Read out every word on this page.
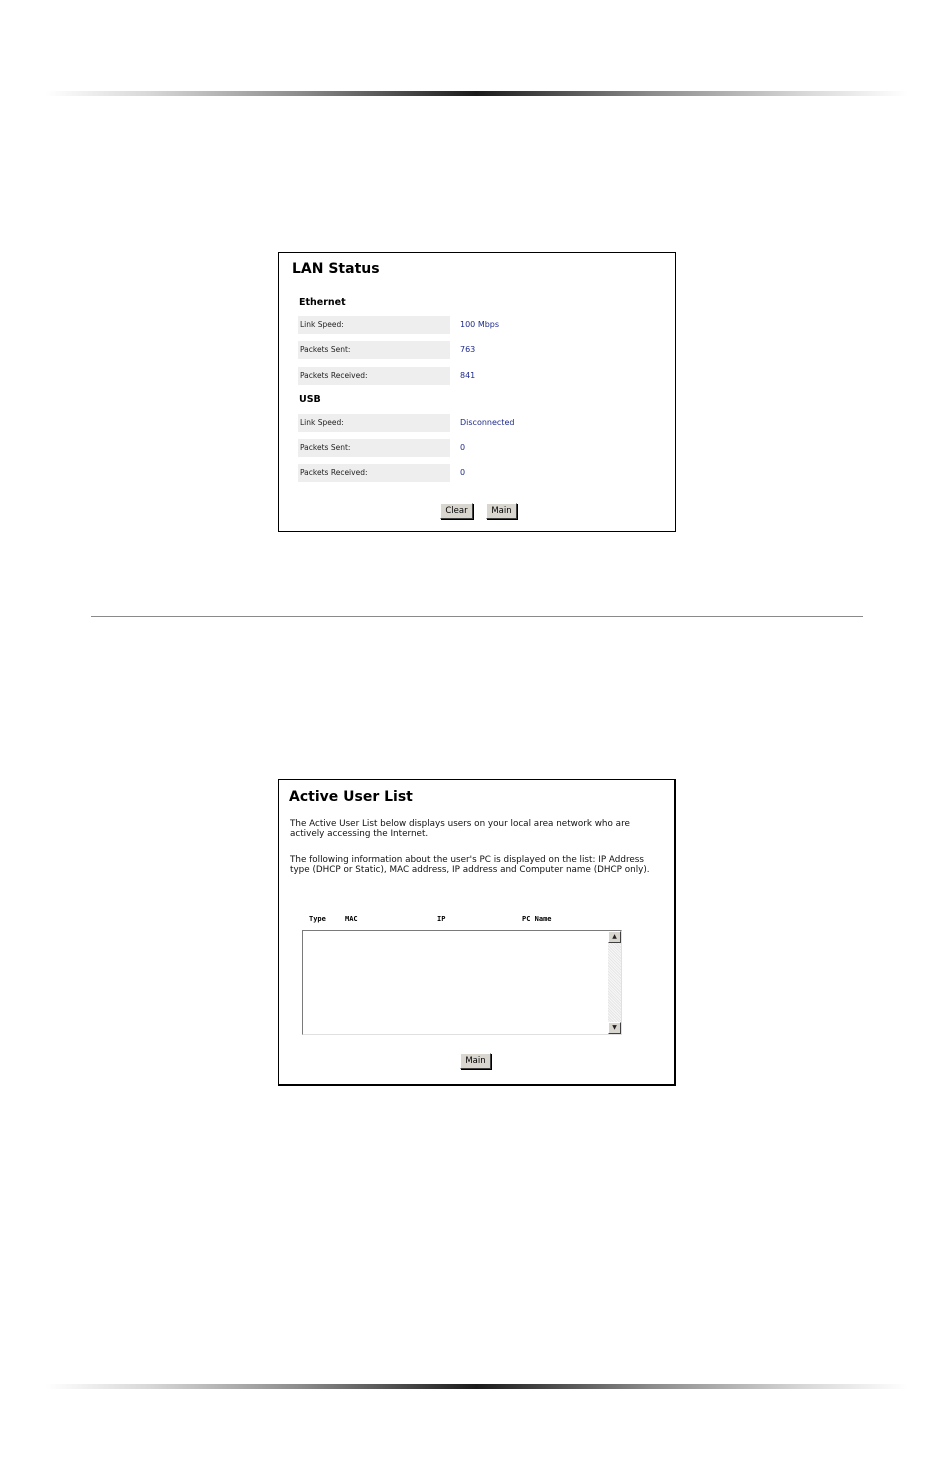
LAN Status
Ethernet
Link Speed:	100 Mbps
Packets Sent:	763
Packets Received:	841
USB
Link Speed:	Disconnected
Packets Sent:	0
Packets Received:	0
Clear	Main
Active User List
The Active User List below displays users on your local area network who are actively accessing the Internet.
The following information about the user's PC is displayed on the list: IP Address type (DHCP or Static), MAC address, IP address and Computer name (DHCP only).
Type	MAC	IP	PC Name
▲
▼
Main
